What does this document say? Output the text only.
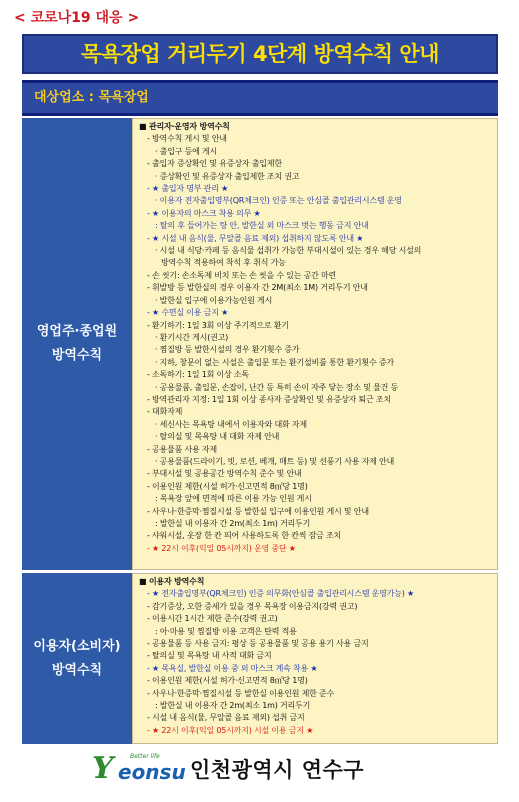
< 코로나19 대응 >
목욕장업 거리두기 4단계 방역수칙 안내
대상업소 : 목욕장업
영업주·종업원
방역수칙
■ 관리자·운영자 방역수칙
- 방역수칙 게시 및 안내
· 출입구 등에 게시
- 출입자 증상확인 및 유증상자 출입제한
· 증상확인 및 유증상자 출입제한 조치 권고
- ★ 출입자 명부 관리 ★
· 이용자 전자출입명부(QR체크인) 인증 또는 안심콜 출입관리시스템 운영
- ★ 이용자의 마스크 착용 의무 ★
: 탈의 후 들어가는 탕 안, 발한실 외 마스크 벗는 행동 금지 안내
- ★ 시설 내 음식(물, 무알콜 음료 제외) 섭취하지 않도록 안내 ★
· 시설 내 식당·카페 등 음식물 섭취가 가능한 부대시설이 있는 경우 해당 시설의
방역수칙 적용하여 착석 후 취식 가능
- 손 씻기: 손소독제 비치 또는 손 씻을 수 있는 공간 마련
- 휘발방 등 발한실의 경우 이용자 간 2M(최소 1M) 거리두기 안내
· 발한실 입구에 이용가능인원 게시
- ★ 수면실 이용 금지 ★
- 환기하기: 1일 3회 이상 주기적으로 환기
· 환기시간 게시(권고)
· 찜질방 등 발한시설의 경우 환기횟수 증가
· 지하, 창문이 없는 시설은 출입문 또는 환기설비를 통한 환기횟수 증가
- 소독하기: 1일 1회 이상 소독
· 공용물품, 출입문, 손잡이, 난간 등 특히 손이 자주 닿는 장소 및 물건 등
- 방역관리자 지정: 1일 1회 이상 종사자 증상확인 및 유증상자 퇴근 조치
- 대화자제
· 세신사는 목욕탕 내에서 이용자와 대화 자제
· 탈의실 및 목욕탕 내 대화 자제 안내
- 공용물품 사용 자제
· 공용물품(드라이기, 빗, 로션, 베개, 매트 등) 및 선풍기 사용 자제 안내
- 부대시설 및 공용공간 방역수칙 준수 및 안내
- 이용인원 제한(시설 허가·신고면적 8㎡당 1명)
: 목욕장 앞에 면적에 따른 이용 가능 인원 게시
- 사우나·한증막·찜질시설 등 발한실 입구에 이용인원 게시 및 안내
: 발한실 내 이용자 간 2m(최소 1m) 거리두기
- 샤워시설, 옷장 한 칸 띄어 사용하도록 한 칸씩 잠금 조치
- ★ 22시 이후(익일 05시까지) 운영 중단 ★
이용자(소비자)
방역수칙
■ 이용자 방역수칙
- ★ 전자출입명부(QR체크인) 인증 의무화(안심콜 출입관리시스템 운영가능) ★
- 감기증상, 오한 증세가 있을 경우 목욕장 이용금지(강력 권고)
- 이용시간 1시간 제한 준수(강력 권고)
: 아·마용 및 찜질방 이용 고객은 탄력 적용
- 공용물품 등 사용 금지: 평상 등 공용물품 및 공용 용기 사용 금지
- 탈의실 및 목욕탕 내 사적 대화 금지
- ★ 목욕실, 발한실 이용 중 외 마스크 계속 착용 ★
- 이용인원 제한(시설 허가·신고면적 8㎡당 1명)
- 사우나·한증막·찜질시설 등 발한실 이용인원 제한 준수
: 발한실 내 이용자 간 2m(최소 1m) 거리두기
- 시설 내 음식(물, 무알콜 음료 제외) 섭취 금지
- ★ 22시 이후(익일 05시까지) 시설 이용 금지 ★
Y	Better life
eonsu 인천광역시 연수구
